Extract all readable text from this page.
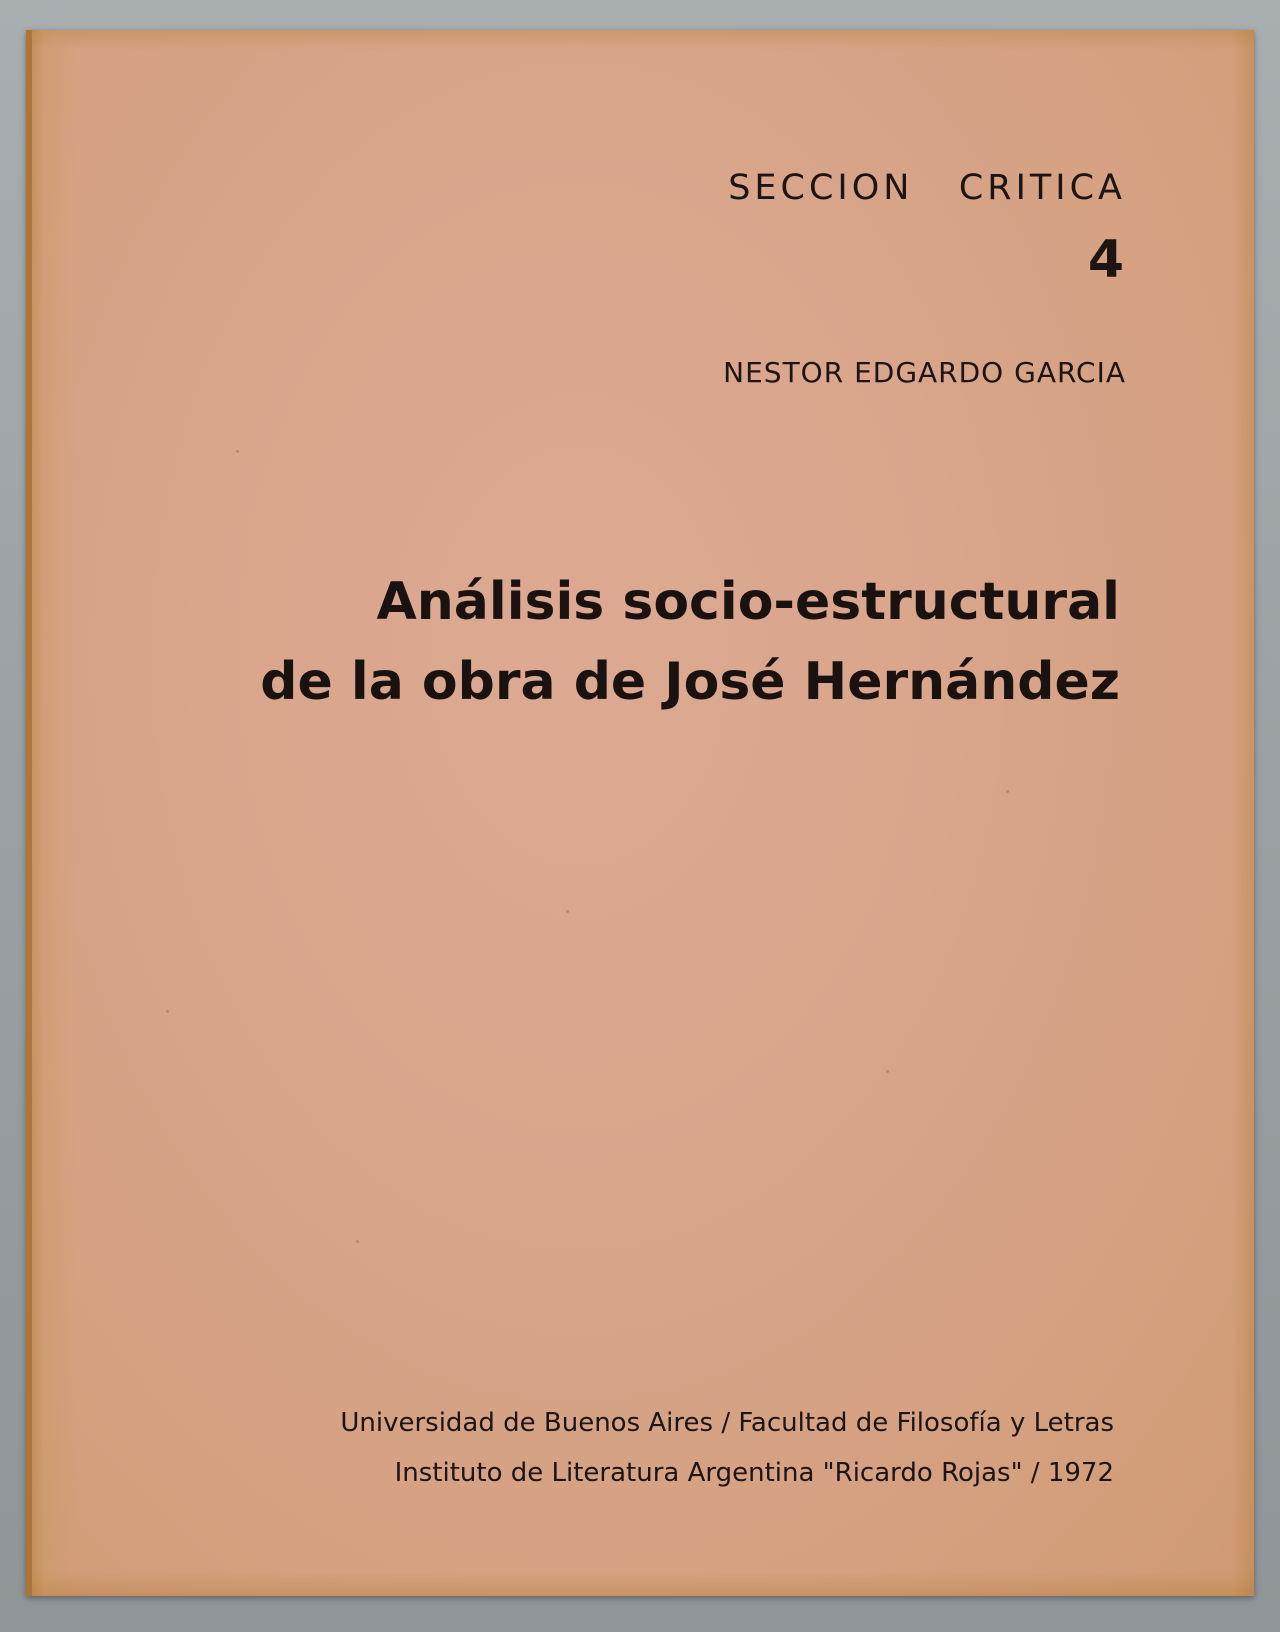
SECCION   CRITICA
4
NESTOR EDGARDO GARCIA
Análisis socio-estructural
de la obra de José Hernández
Universidad de Buenos Aires / Facultad de Filosofía y Letras
Instituto de Literatura Argentina "Ricardo Rojas" / 1972
